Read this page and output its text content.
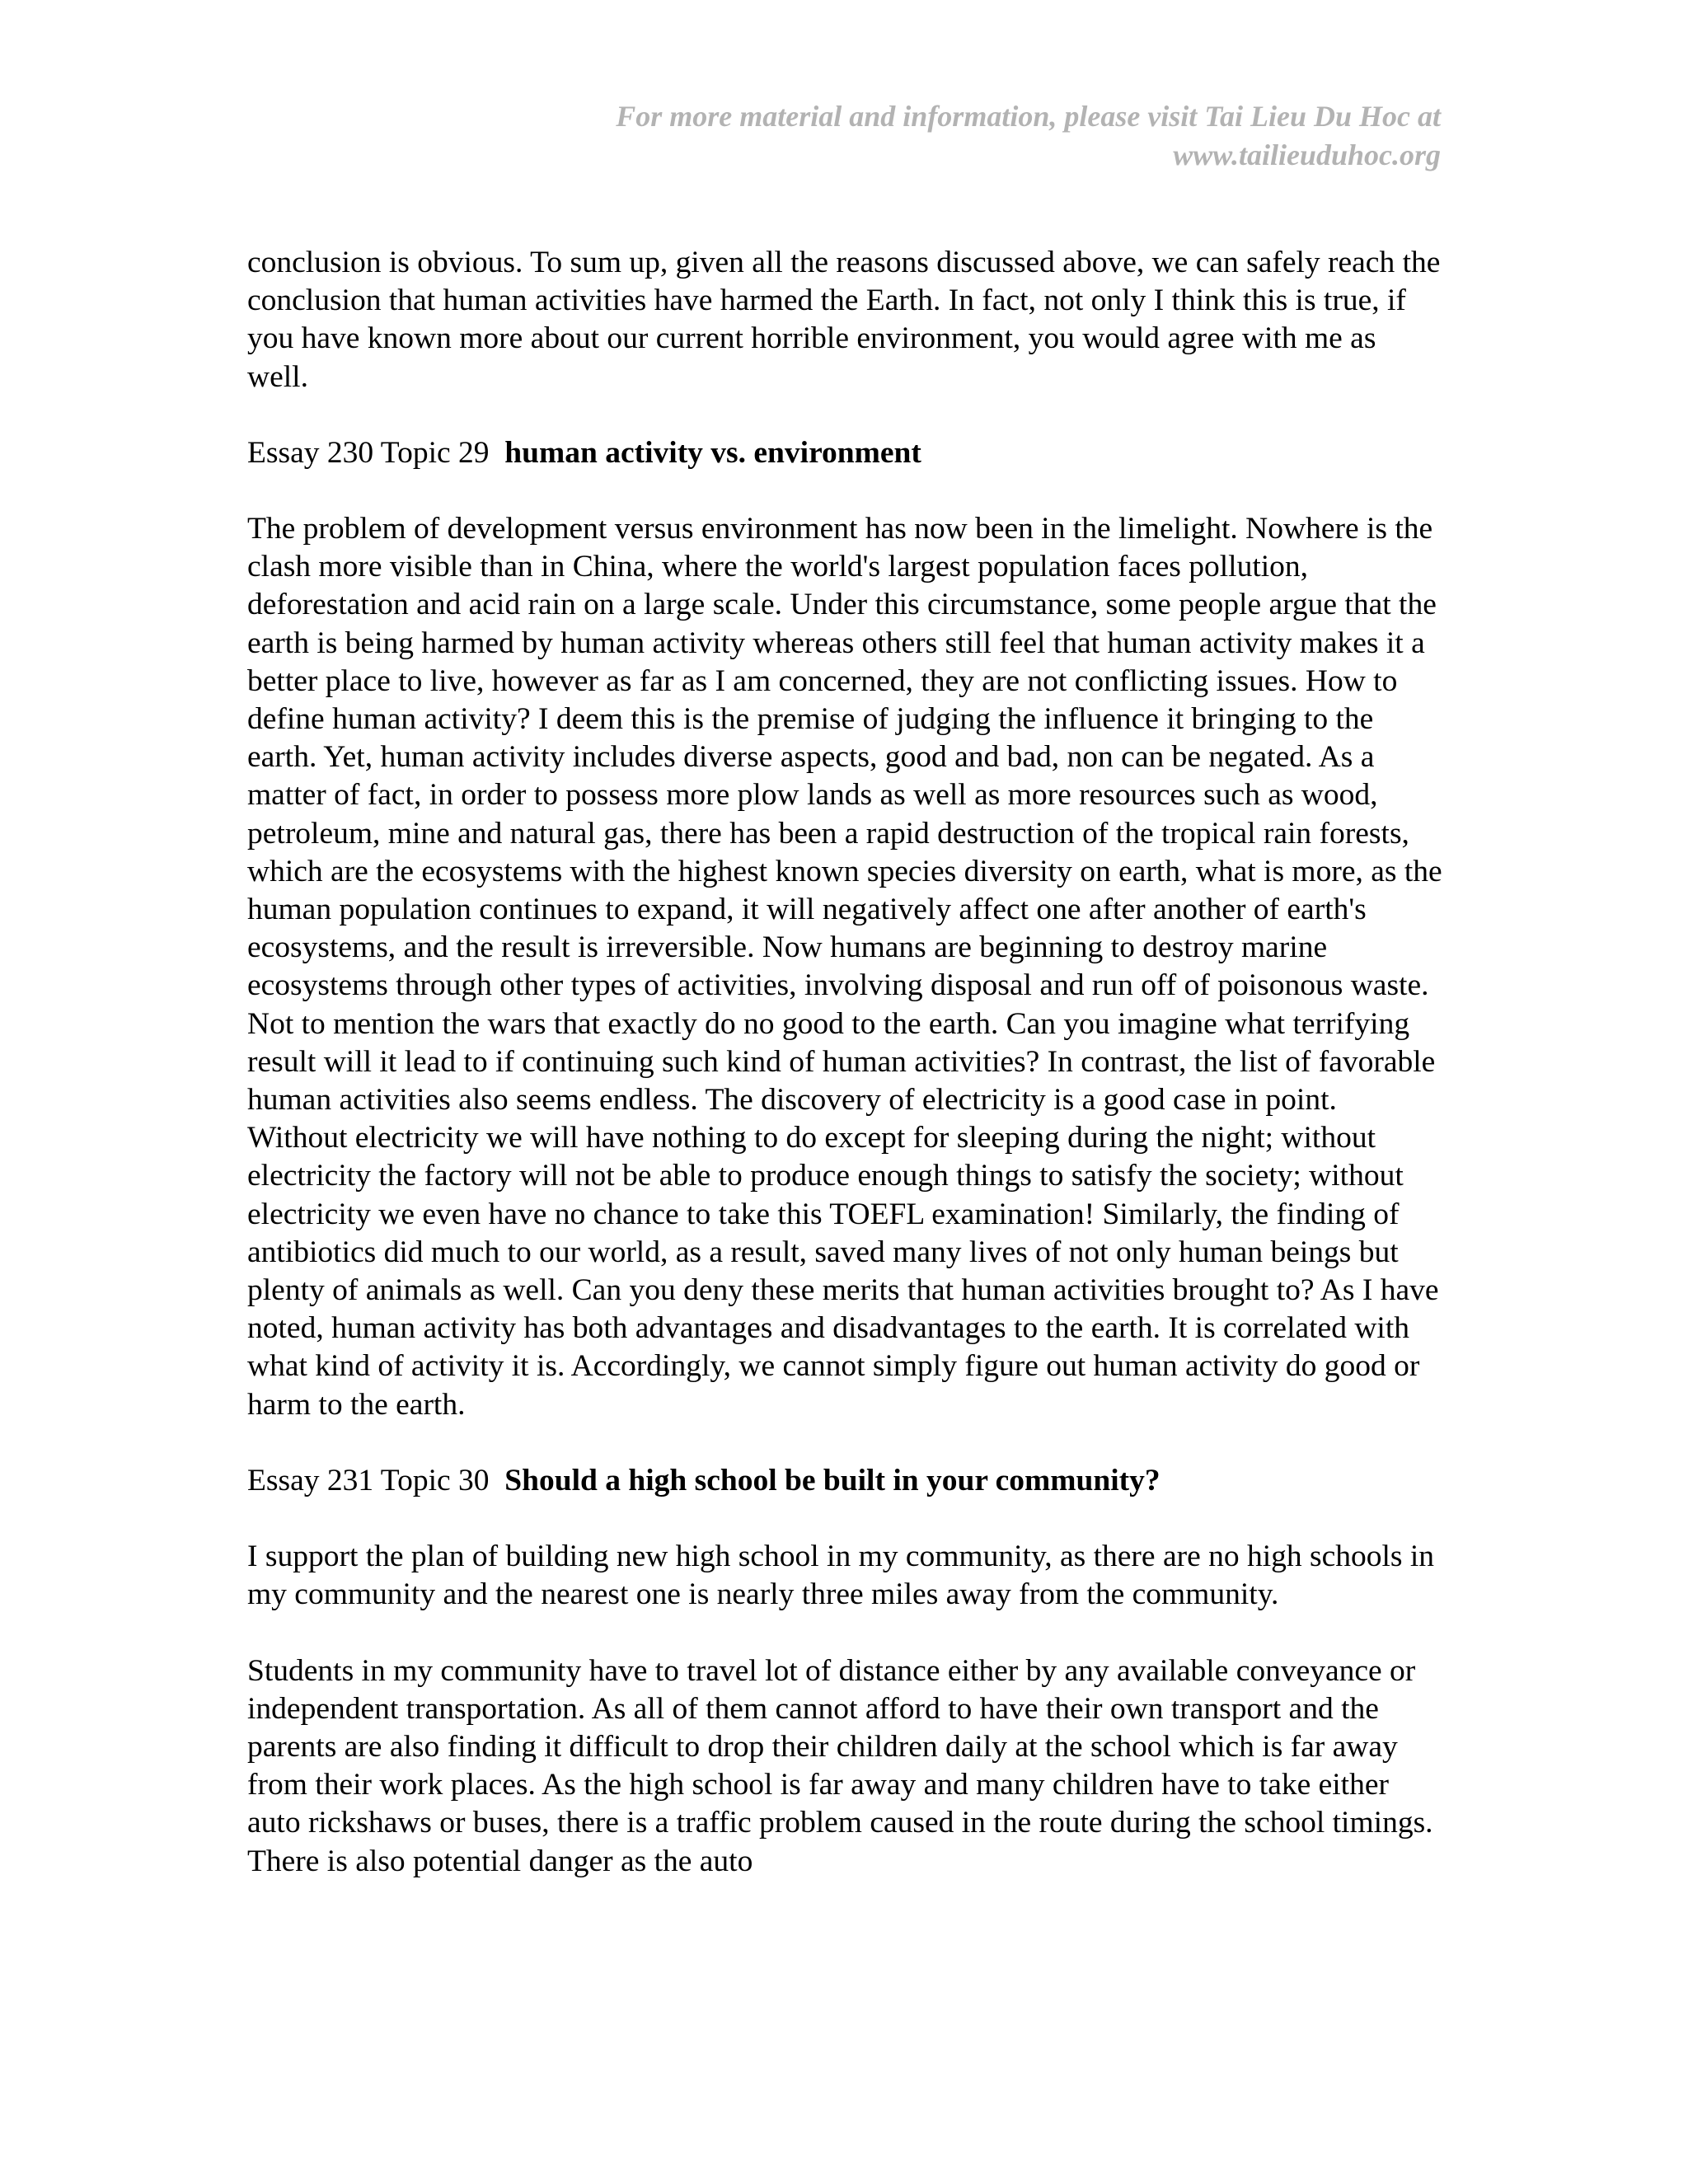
For more material and information, please visit Tai Lieu Du Hoc at
www.tailieuduhoc.org

conclusion is obvious. To sum up, given all the reasons discussed above, we can safely reach the conclusion that human activities have harmed the Earth. In fact, not only I think this is true, if you have known more about our current horrible environment, you would agree with me as well.

Essay 230 Topic 29 human activity vs. environment

The problem of development versus environment has now been in the limelight. Nowhere is the clash more visible than in China, where the world's largest population faces pollution, deforestation and acid rain on a large scale. Under this circumstance, some people argue that the earth is being harmed by human activity whereas others still feel that human activity makes it a better place to live, however as far as I am concerned, they are not conflicting issues. How to define human activity? I deem this is the premise of judging the influence it bringing to the earth. Yet, human activity includes diverse aspects, good and bad, non can be negated. As a matter of fact, in order to possess more plow lands as well as more resources such as wood, petroleum, mine and natural gas, there has been a rapid destruction of the tropical rain forests, which are the ecosystems with the highest known species diversity on earth, what is more, as the human population continues to expand, it will negatively affect one after another of earth's ecosystems, and the result is irreversible. Now humans are beginning to destroy marine ecosystems through other types of activities, involving disposal and run off of poisonous waste. Not to mention the wars that exactly do no good to the earth. Can you imagine what terrifying result will it lead to if continuing such kind of human activities? In contrast, the list of favorable human activities also seems endless. The discovery of electricity is a good case in point. Without electricity we will have nothing to do except for sleeping during the night; without electricity the factory will not be able to produce enough things to satisfy the society; without electricity we even have no chance to take this TOEFL examination! Similarly, the finding of antibiotics did much to our world, as a result, saved many lives of not only human beings but plenty of animals as well. Can you deny these merits that human activities brought to? As I have noted, human activity has both advantages and disadvantages to the earth. It is correlated with what kind of activity it is. Accordingly, we cannot simply figure out human activity do good or harm to the earth.

Essay 231 Topic 30 Should a high school be built in your community?

I support the plan of building new high school in my community, as there are no high schools in my community and the nearest one is nearly three miles away from the community.

Students in my community have to travel lot of distance either by any available conveyance or independent transportation. As all of them cannot afford to have their own transport and the parents are also finding it difficult to drop their children daily at the school which is far away from their work places. As the high school is far away and many children have to take either auto rickshaws or buses, there is a traffic problem caused in the route during the school timings. There is also potential danger as the auto
